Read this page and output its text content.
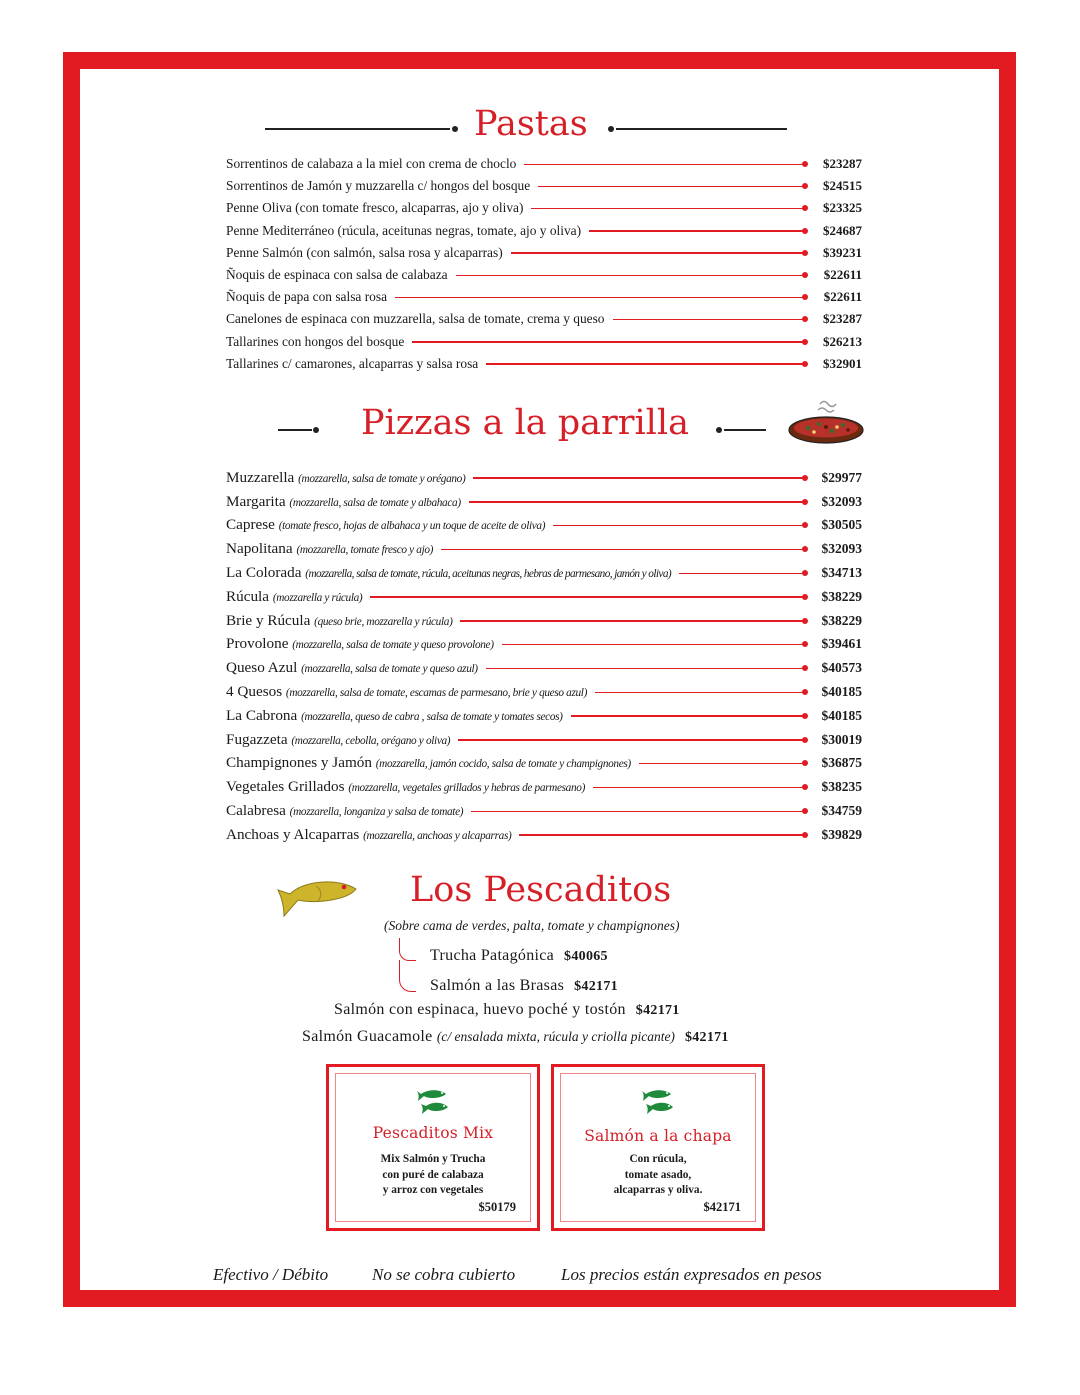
Pastas
Sorrentinos de calabaza a la miel con crema de choclo	$23287
Sorrentinos de Jamón y muzzarella c/ hongos del bosque	$24515
Penne Oliva (con tomate fresco, alcaparras, ajo y oliva)	$23325
Penne Mediterráneo (rúcula, aceitunas negras, tomate, ajo y oliva)	$24687
Penne Salmón (con salmón, salsa rosa y alcaparras)	$39231
Ñoquis de espinaca con salsa de calabaza	$22611
Ñoquis de papa con salsa rosa	$22611
Canelones de espinaca con muzzarella, salsa de tomate, crema y queso	$23287
Tallarines con hongos del bosque	$26213
Tallarines c/ camarones, alcaparras y salsa rosa	$32901
Pizzas a la parrilla
Muzzarella (mozzarella, salsa de tomate y orégano)	$29977
Margarita (mozzarella, salsa de tomate y albahaca)	$32093
Caprese (tomate fresco, hojas de albahaca y un toque de aceite de oliva)	$30505
Napolitana (mozzarella, tomate fresco y ajo)	$32093
La Colorada (mozzarella, salsa de tomate, rúcula, aceitunas negras, hebras de parmesano, jamón y oliva)	$34713
Rúcula (mozzarella y rúcula)	$38229
Brie y Rúcula (queso brie, mozzarella y rúcula)	$38229
Provolone (mozzarella, salsa de tomate y queso provolone)	$39461
Queso Azul (mozzarella, salsa de tomate y queso azul)	$40573
4 Quesos (mozzarella, salsa de tomate, escamas de parmesano, brie y queso azul)	$40185
La Cabrona (mozzarella, queso de cabra , salsa de tomate y tomates secos)	$40185
Fugazzeta (mozzarella, cebolla, orégano y oliva)	$30019
Champignones y Jamón (mozzarella, jamón cocido, salsa de tomate y champignones)	$36875
Vegetales Grillados (mozzarella, vegetales grillados y hebras de parmesano)	$38235
Calabresa (mozzarella, longaniza y salsa de tomate)	$34759
Anchoas y Alcaparras (mozzarella, anchoas y alcaparras)	$39829
Los Pescaditos
(Sobre cama de verdes, palta, tomate y champignones)
Trucha Patagónica $40065
Salmón a las Brasas $42171
Salmón con espinaca, huevo poché y tostón $42171
Salmón Guacamole (c/ ensalada mixta, rúcula y criolla picante) $42171
Pescaditos Mix
Mix Salmón y Trucha
con puré de calabaza
y arroz con vegetales
$50179
Salmón a la chapa
Con rúcula,
tomate asado,
alcaparras y oliva.
$42171
Efectivo / Débito	No se cobra cubierto	Los precios están expresados en pesos
